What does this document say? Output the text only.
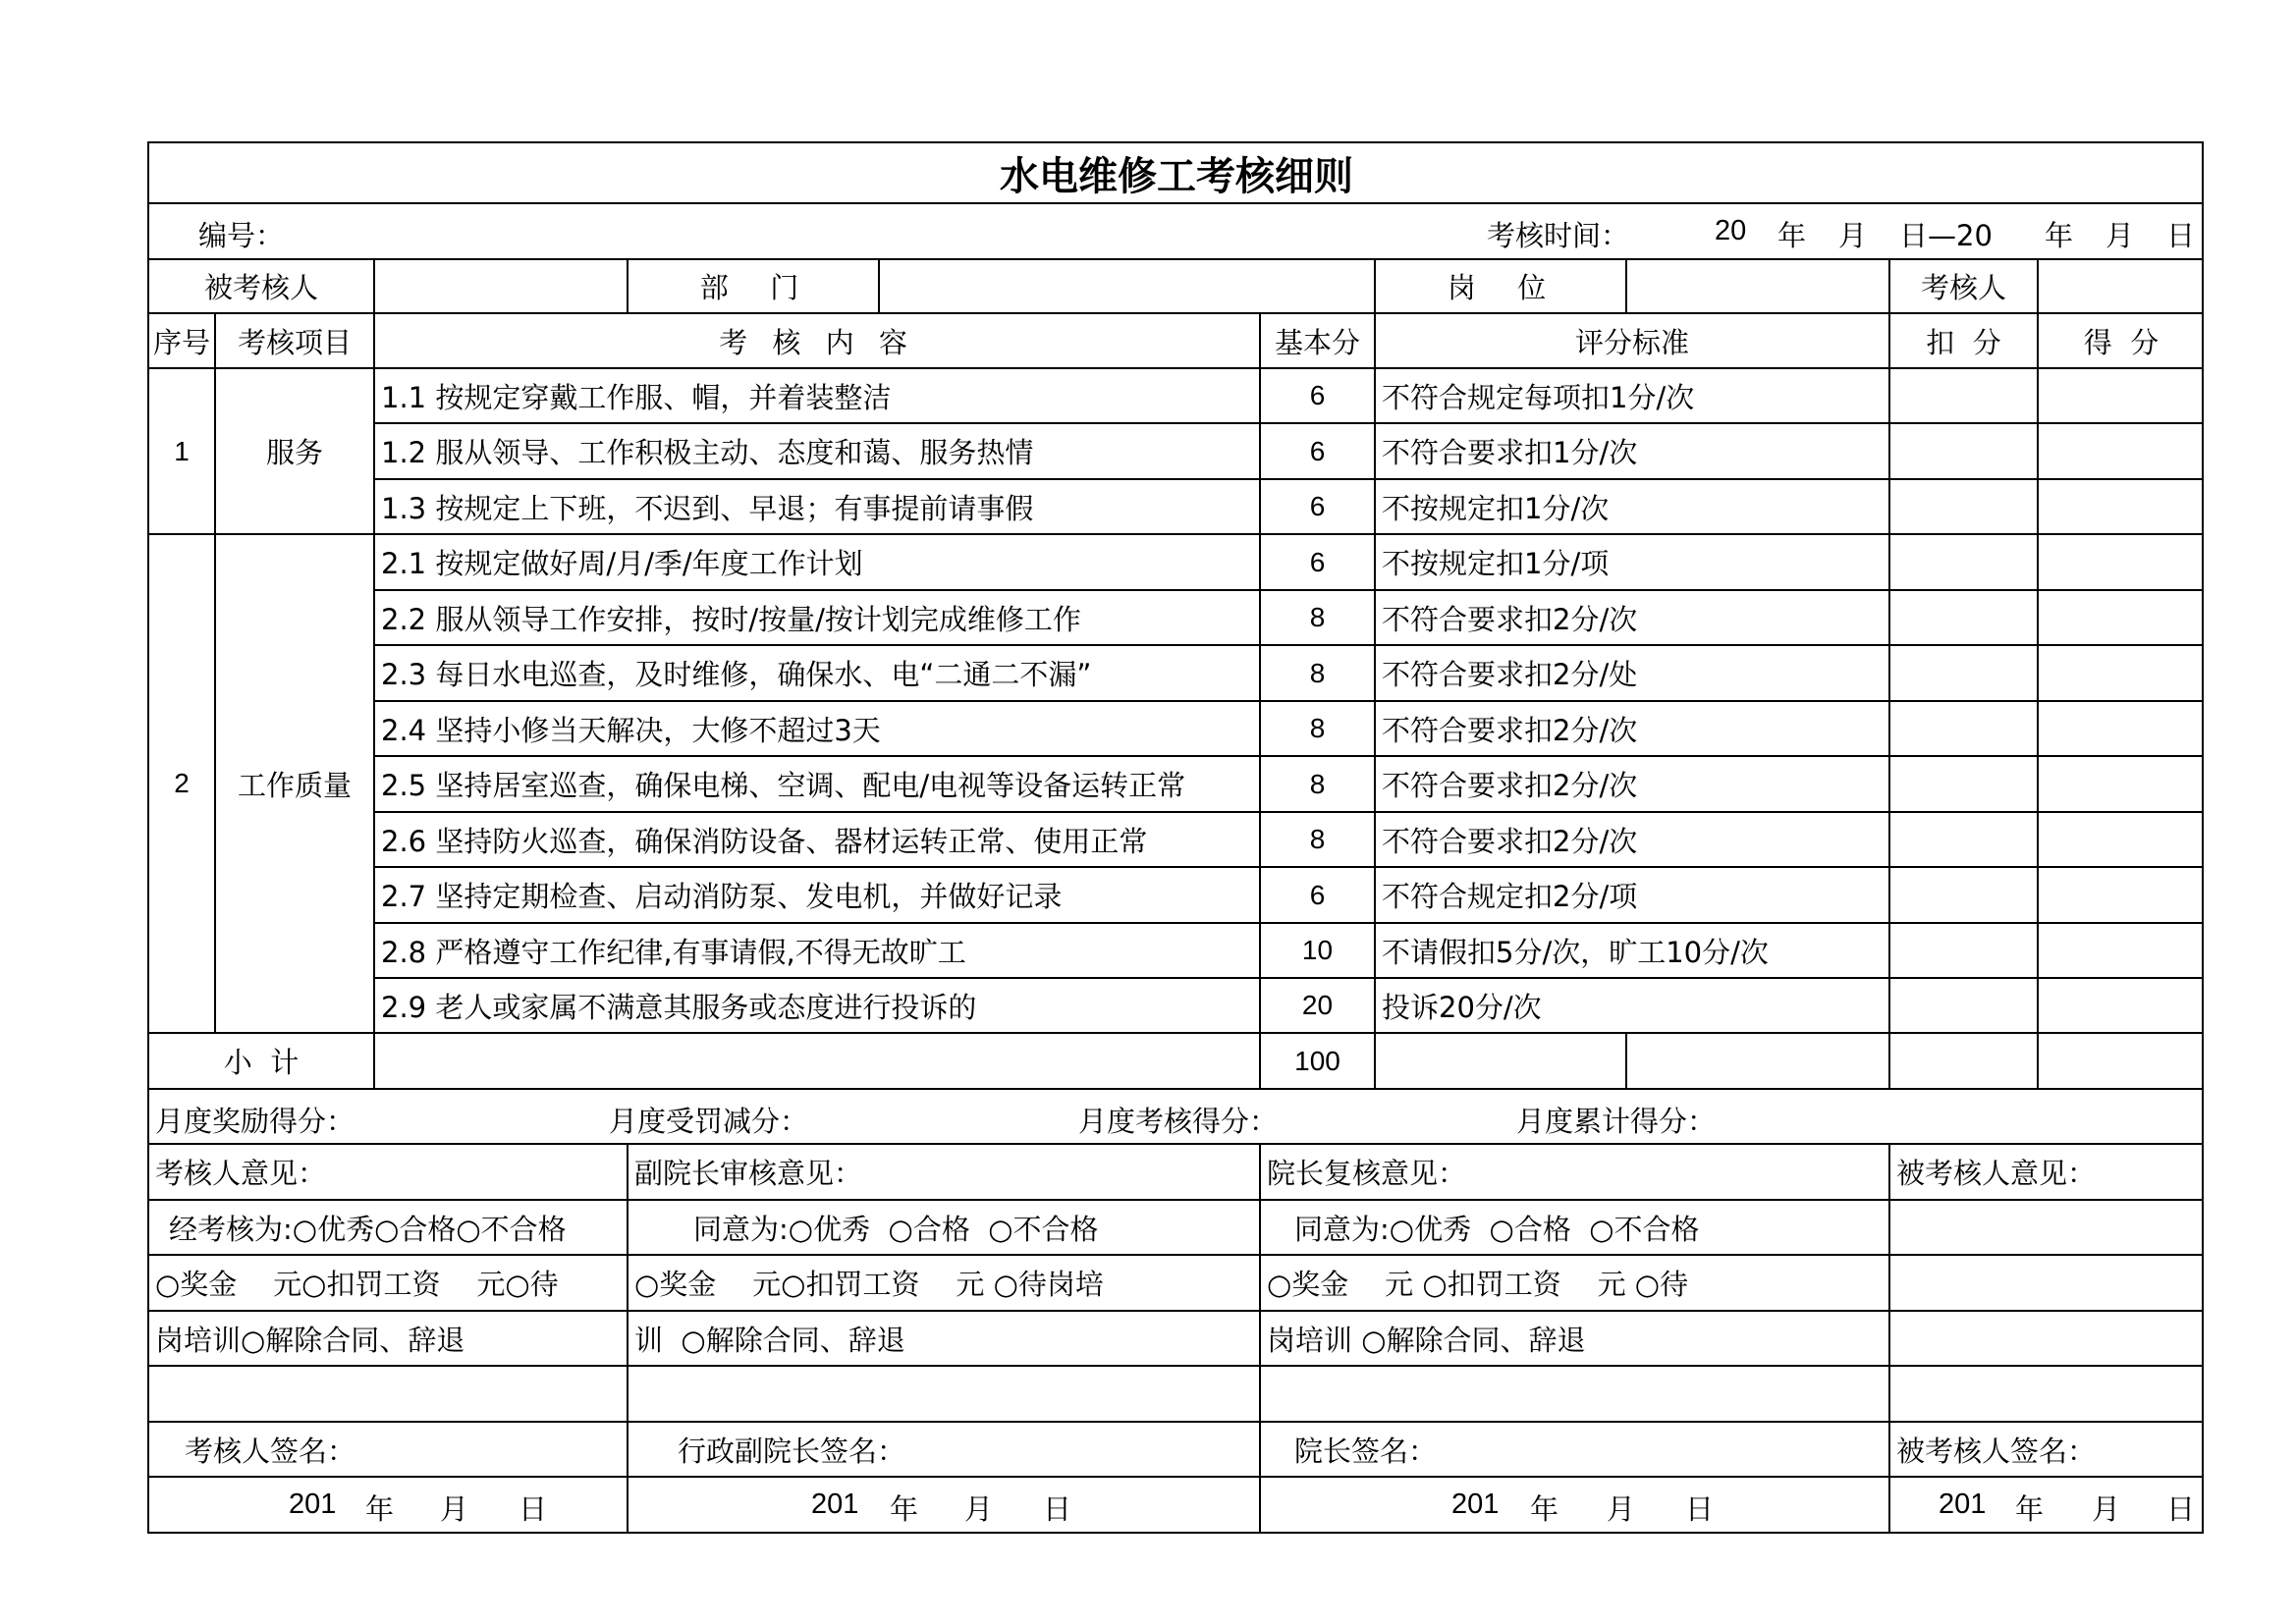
水电维修工考核细则
编号：	考核时间：	20 年 月 日—20 年 月 日
被考核人	部  门	岗  位	考核人
序号 考核项目	考 核 内 容	基本分	评分标准	扣  分	得  分
1	服务
1.1 按规定穿戴工作服、帽，并着装整洁	6	不符合规定每项扣1分/次
1.2 服从领导、工作积极主动、态度和蔼、服务热情	6	不符合要求扣1分/次
1.3 按规定上下班，不迟到、早退；有事提前请事假	6	不按规定扣1分/次
2	工作质量
2.1 按规定做好周/月/季/年度工作计划	6	不按规定扣1分/项
2.2 服从领导工作安排，按时/按量/按计划完成维修工作	8	不符合要求扣2分/次
2.3 每日水电巡查，及时维修，确保水、电“二通二不漏”	8	不符合要求扣2分/处
2.4 坚持小修当天解决，大修不超过3天	8	不符合要求扣2分/次
2.5 坚持居室巡查，确保电梯、空调、配电/电视等设备运转正常	8	不符合要求扣2分/次
2.6 坚持防火巡查，确保消防设备、器材运转正常、使用正常	8	不符合要求扣2分/次
2.7 坚持定期检查、启动消防泵、发电机，并做好记录	6	不符合规定扣2分/项
2.8 严格遵守工作纪律,有事请假,不得无故旷工	10	不请假扣5分/次，旷工10分/次
2.9 老人或家属不满意其服务或态度进行投诉的	20	投诉20分/次
小  计	100
月度奖励得分：	月度受罚减分：	月度考核得分：	月度累计得分：
考核人意见：	副院长审核意见：	院长复核意见：	被考核人意见：
经考核为:○优秀○合格○不合格	同意为:○优秀  ○合格  ○不合格	同意为:○优秀  ○合格  ○不合格
○奖金    元○扣罚工资    元○待	○奖金    元○扣罚工资    元 ○待岗培	○奖金    元 ○扣罚工资    元 ○待
岗培训○解除合同、辞退	训  ○解除合同、辞退	岗培训 ○解除合同、辞退
考核人签名：	行政副院长签名：	院长签名：	被考核人签名：
201 年 月 日	201 年 月 日	201 年 月 日	201 年 月 日
